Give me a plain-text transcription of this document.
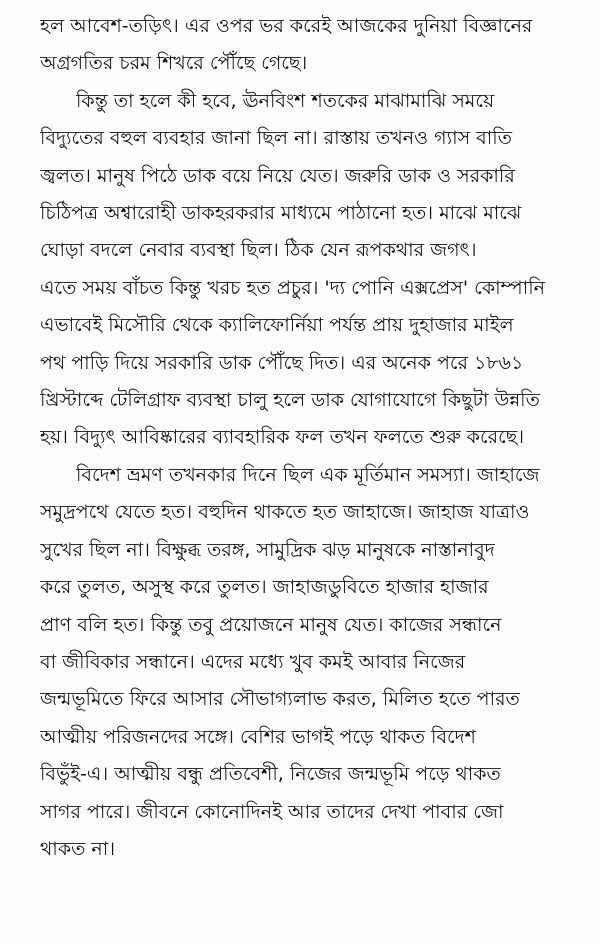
হল আবেশ-তড়িৎ। এর ওপর ভর করেই আজকের দুনিয়া বিজ্ঞানের
অগ্রগতির চরম শিখরে পৌঁছে গেছে।
কিন্তু তা হলে কী হবে, ঊনবিংশ শতকের মাঝামাঝি সময়ে
বিদ্যুতের বহুল ব্যবহার জানা ছিল না। রাস্তায় তখনও গ্যাস বাতি
জ্বলত। মানুষ পিঠে ডাক বয়ে নিয়ে যেত। জরুরি ডাক ও সরকারি
চিঠিপত্র অশ্বারোহী ডাকহরকরার মাধ্যমে পাঠানো হত। মাঝে মাঝে
ঘোড়া বদলে নেবার ব্যবস্থা ছিল। ঠিক যেন রূপকথার জগৎ।
এতে সময় বাঁচত কিন্তু খরচ হত প্রচুর। 'দ্য পোনি এক্সপ্রেস' কোম্পানি
এভাবেই মিসৌরি থেকে ক্যালিফোর্নিয়া পর্যন্ত প্রায় দুহাজার মাইল
পথ পাড়ি দিয়ে সরকারি ডাক পৌঁছে দিত। এর অনেক পরে ১৮৬১
খ্রিস্টাব্দে টেলিগ্রাফ ব্যবস্থা চালু হলে ডাক যোগাযোগে কিছুটা উন্নতি
হয়। বিদ্যুৎ আবিষ্কারের ব্যাবহারিক ফল তখন ফলতে শুরু করেছে।
বিদেশ ভ্রমণ তখনকার দিনে ছিল এক মূর্তিমান সমস্যা। জাহাজে
সমুদ্রপথে যেতে হত। বহুদিন থাকতে হত জাহাজে। জাহাজ যাত্রাও
সুখের ছিল না। বিক্ষুব্ধ তরঙ্গ, সামুদ্রিক ঝড় মানুষকে নাস্তানাবুদ
করে তুলত, অসুস্থ করে তুলত। জাহাজডুবিতে হাজার হাজার
প্রাণ বলি হত। কিন্তু তবু প্রয়োজনে মানুষ যেত। কাজের সন্ধানে
বা জীবিকার সন্ধানে। এদের মধ্যে খুব কমই আবার নিজের
জন্মভূমিতে ফিরে আসার সৌভাগ্যলাভ করত, মিলিত হতে পারত
আত্মীয় পরিজনদের সঙ্গে। বেশির ভাগই পড়ে থাকত বিদেশ
বিভুঁই-এ। আত্মীয় বন্ধু প্রতিবেশী, নিজের জন্মভূমি পড়ে থাকত
সাগর পারে। জীবনে কোনোদিনই আর তাদের দেখা পাবার জো
থাকত না।
